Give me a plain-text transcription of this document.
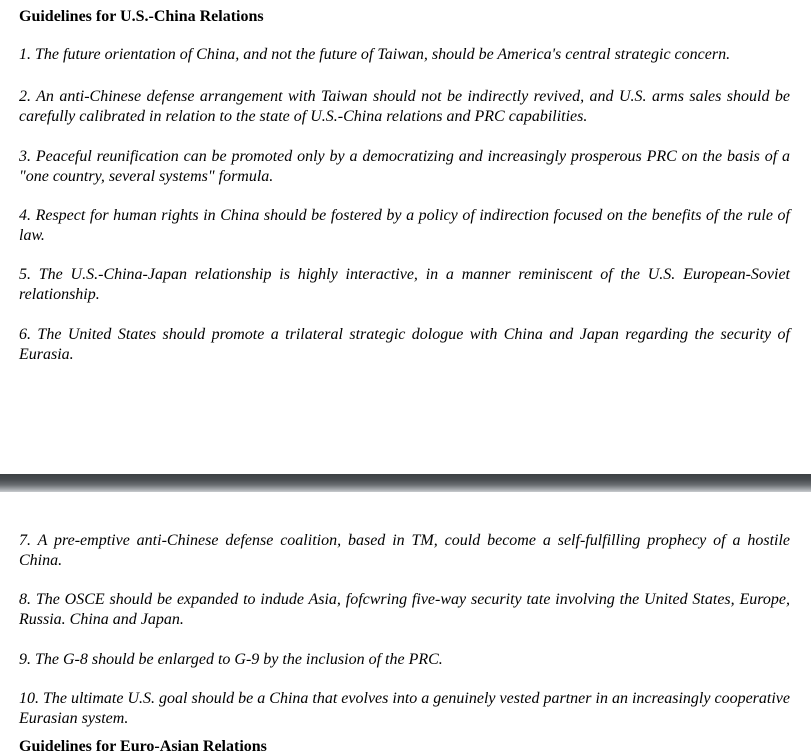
Guidelines for U.S.-China Relations

1. The future orientation of China, and not the future of Taiwan, should be America's central strategic concern.

2. An anti-Chinese defense arrangement with Taiwan should not be indirectly revived, and U.S. arms sales should be carefully calibrated in relation to the state of U.S.-China relations and PRC capabilities.

3. Peaceful reunification can be promoted only by a democratizing and increasingly prosperous PRC on the basis of a "one country, several systems" formula.

4. Respect for human rights in China should be fostered by a policy of indirection focused on the benefits of the rule of law.

5. The U.S.-China-Japan relationship is highly interactive, in a manner reminiscent of the U.S. European-Soviet relationship.

6. The United States should promote a trilateral strategic dologue with China and Japan regarding the security of Eurasia.

7. A pre-emptive anti-Chinese defense coalition, based in TM, could become a self-fulfilling prophecy of a hostile China.

8. The OSCE should be expanded to indude Asia, fofcwring five-way security tate involving the United States, Europe, Russia. China and Japan.

9. The G-8 should be enlarged to G-9 by the inclusion of the PRC.

10. The ultimate U.S. goal should be a China that evolves into a genuinely vested partner in an increasingly cooperative Eurasian system.

Guidelines for Euro-Asian Relations
